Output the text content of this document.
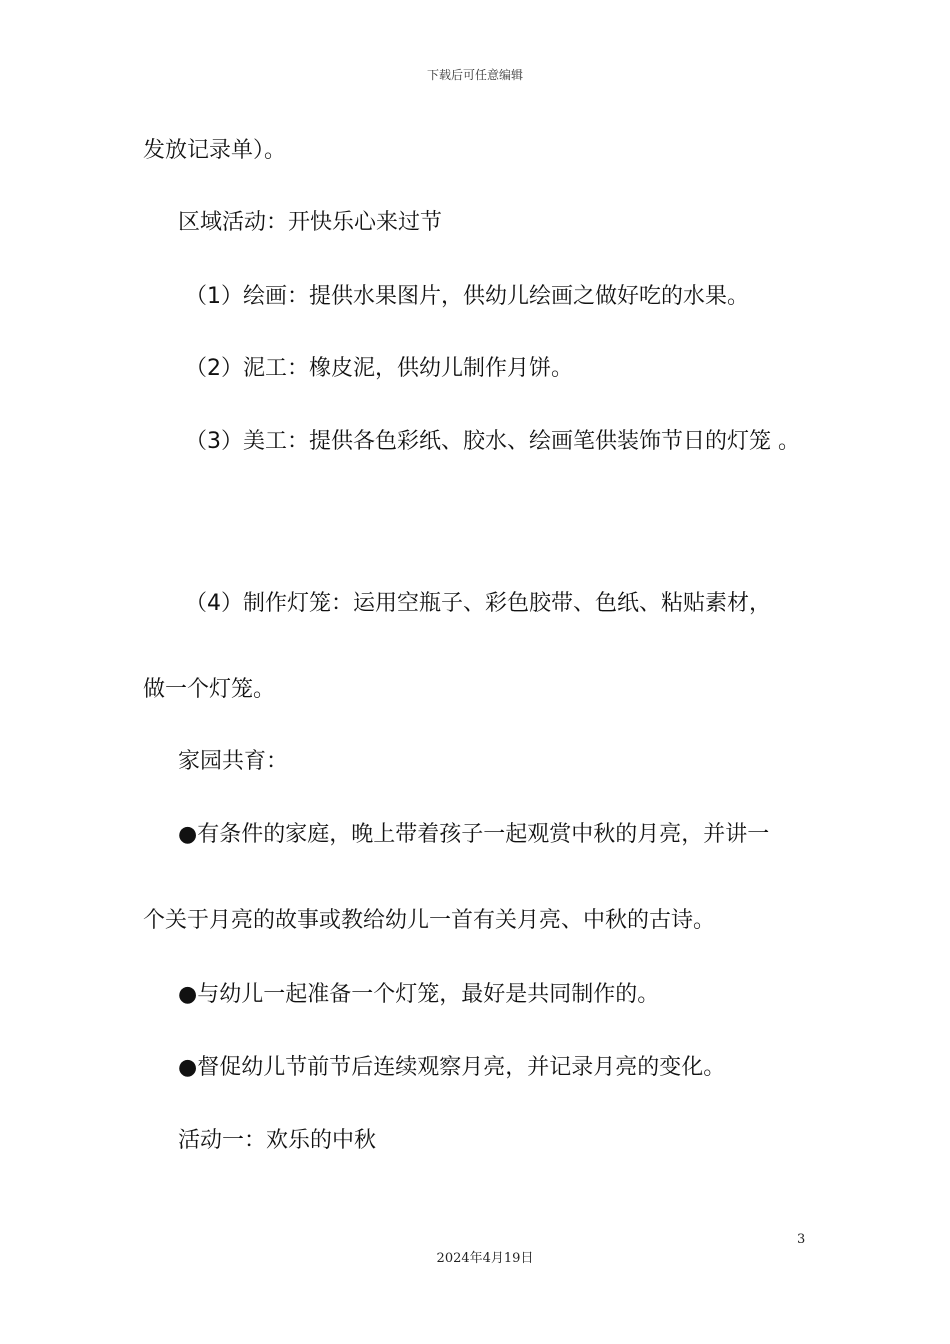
下载后可任意编辑
发放记录单）。
区域活动：开快乐心来过节
（1）绘画：提供水果图片，供幼儿绘画之做好吃的水果。
（2）泥工：橡皮泥，供幼儿制作月饼。
（3）美工：提供各色彩纸、胶水、绘画笔供装饰节日的灯笼 。
（4）制作灯笼：运用空瓶子、彩色胶带、色纸、粘贴素材，
做一个灯笼。
家园共育：
●有条件的家庭，晚上带着孩子一起观赏中秋的月亮，并讲一
个关于月亮的故事或教给幼儿一首有关月亮、中秋的古诗。
●与幼儿一起准备一个灯笼，最好是共同制作的。
●督促幼儿节前节后连续观察月亮，并记录月亮的变化。
活动一：欢乐的中秋
3
2024年4月19日
